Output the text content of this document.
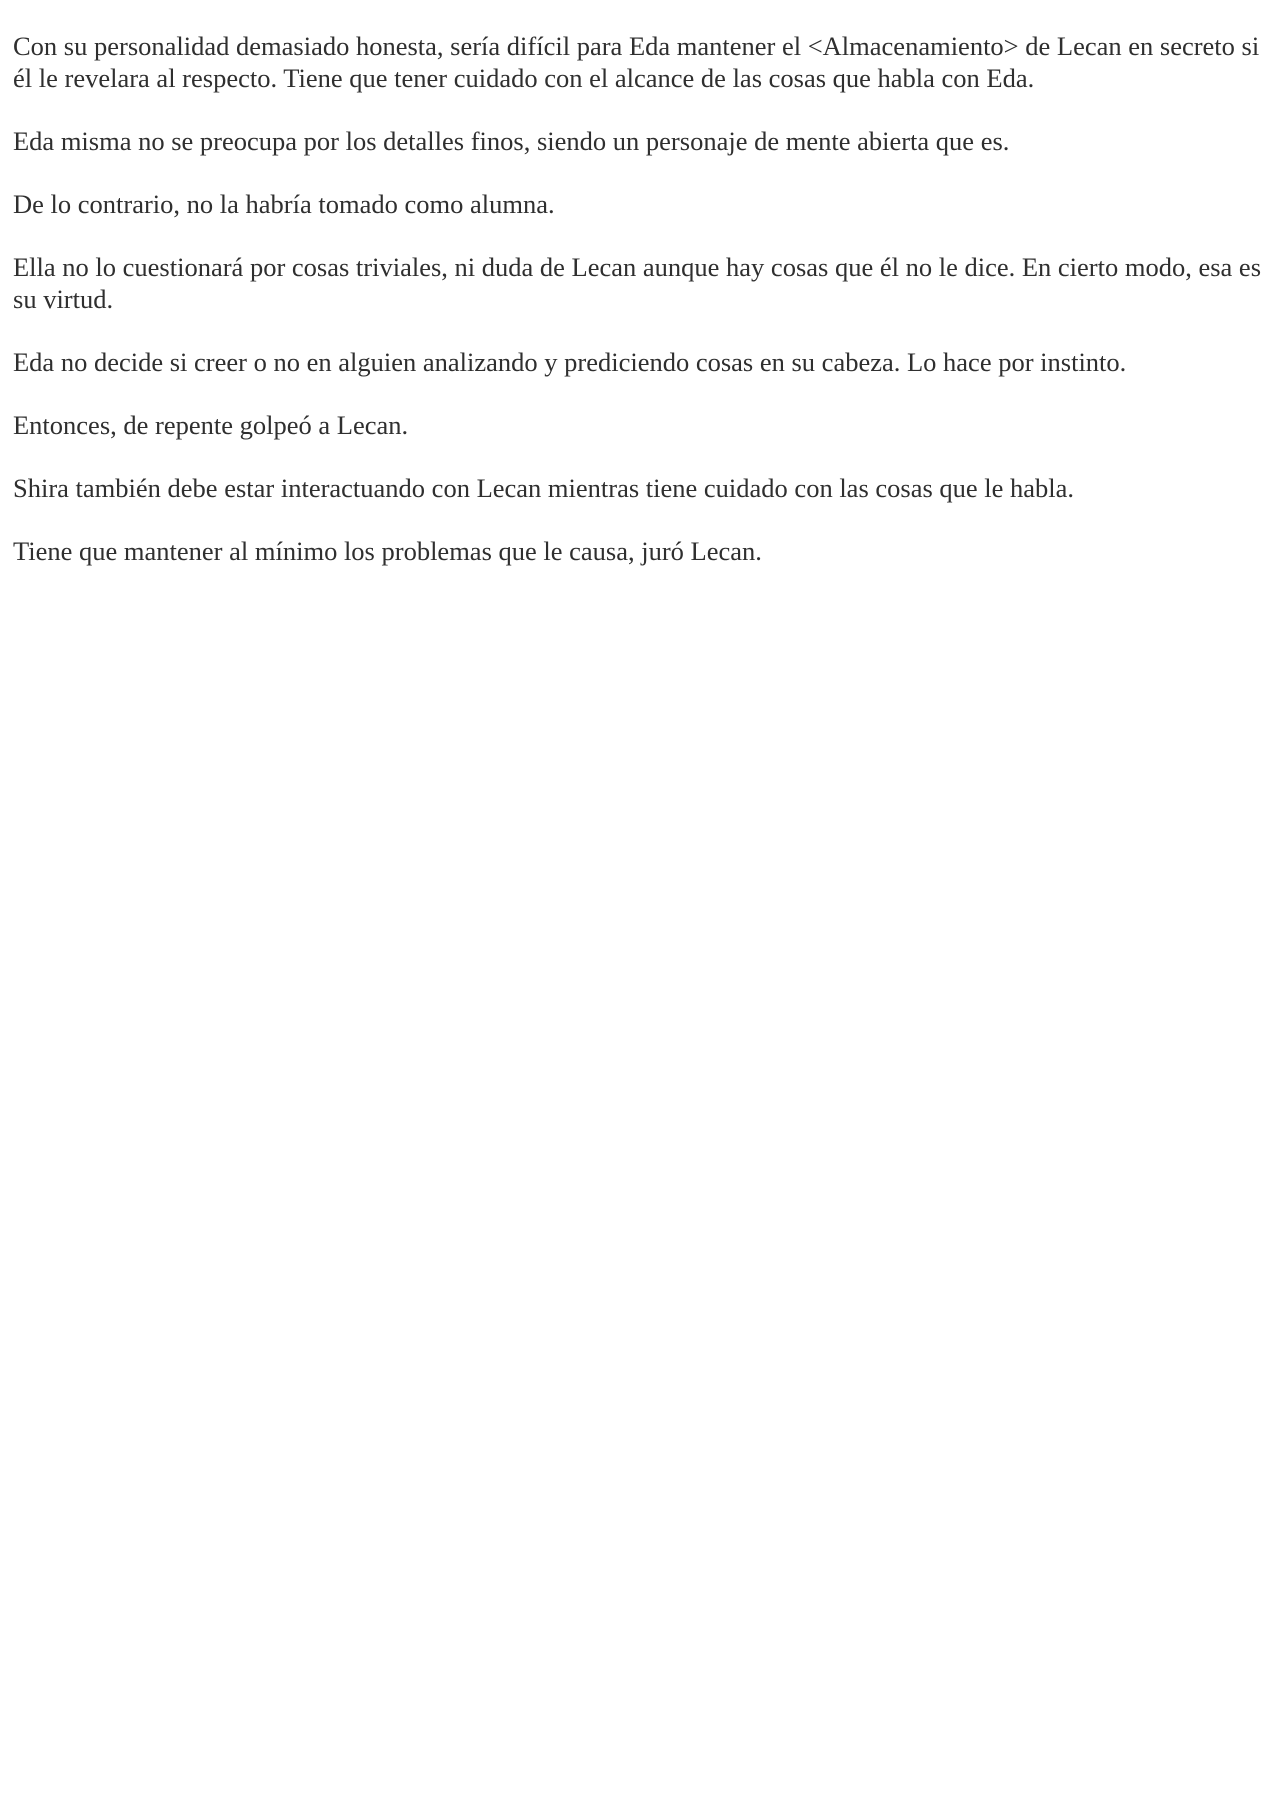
Con su personalidad demasiado honesta, sería difícil para Eda mantener el <Almacenamiento> de Lecan en secreto si él le revelara al respecto. Tiene que tener cuidado con el alcance de las cosas que habla con Eda.

Eda misma no se preocupa por los detalles finos, siendo un personaje de mente abierta que es.

De lo contrario, no la habría tomado como alumna.

Ella no lo cuestionará por cosas triviales, ni duda de Lecan aunque hay cosas que él no le dice. En cierto modo, esa es su virtud.

Eda no decide si creer o no en alguien analizando y prediciendo cosas en su cabeza. Lo hace por instinto.

Entonces, de repente golpeó a Lecan.

Shira también debe estar interactuando con Lecan mientras tiene cuidado con las cosas que le habla.

Tiene que mantener al mínimo los problemas que le causa, juró Lecan.
